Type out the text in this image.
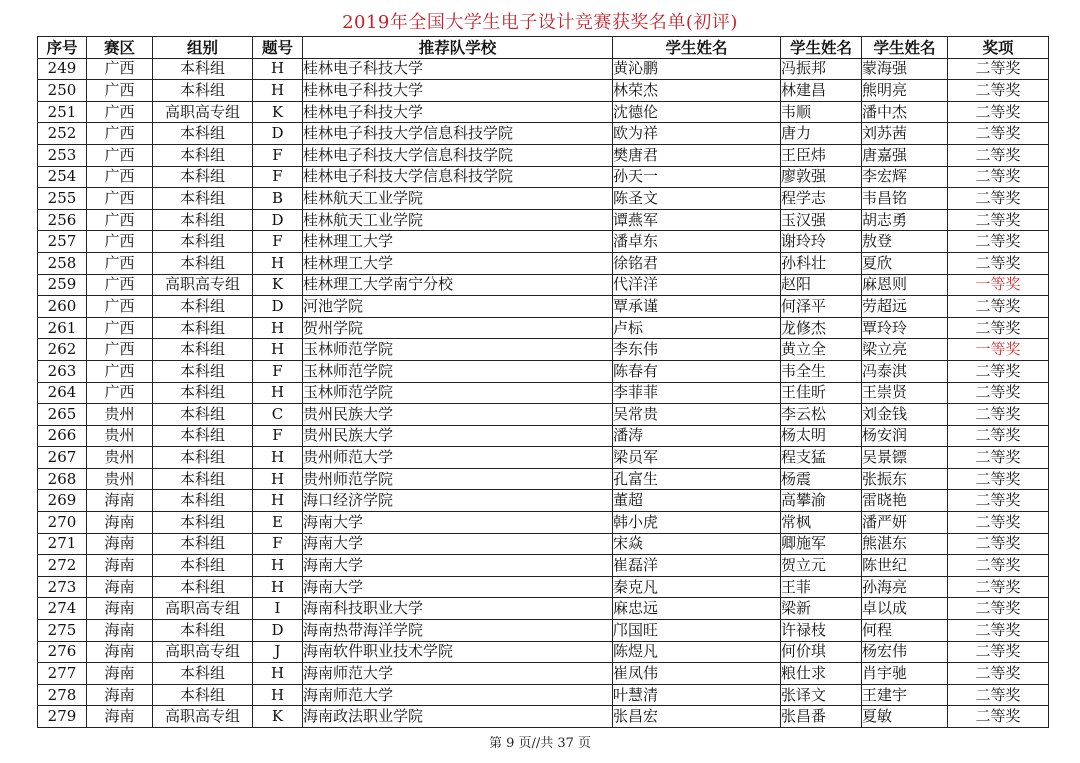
2019年全国大学生电子设计竞赛获奖名单(初评)
序号	赛区	组别	题号	推荐队学校	学生姓名	学生姓名	学生姓名	奖项
249	广西	本科组	H	桂林电子科技大学	黄沁鹏	冯振邦	蒙海强	二等奖
250	广西	本科组	H	桂林电子科技大学	林荣杰	林建昌	熊明亮	二等奖
251	广西	高职高专组	K	桂林电子科技大学	沈德伦	韦顺	潘中杰	二等奖
252	广西	本科组	D	桂林电子科技大学信息科技学院	欧为祥	唐力	刘苏茜	二等奖
253	广西	本科组	F	桂林电子科技大学信息科技学院	樊唐君	王臣炜	唐嘉强	二等奖
254	广西	本科组	F	桂林电子科技大学信息科技学院	孙天一	廖敦强	李宏辉	二等奖
255	广西	本科组	B	桂林航天工业学院	陈圣文	程学志	韦昌铭	二等奖
256	广西	本科组	D	桂林航天工业学院	谭燕军	玉汉强	胡志勇	二等奖
257	广西	本科组	F	桂林理工大学	潘卓东	谢玲玲	敖登	二等奖
258	广西	本科组	H	桂林理工大学	徐铭君	孙科壮	夏欣	二等奖
259	广西	高职高专组	K	桂林理工大学南宁分校	代洋洋	赵阳	麻恩则	一等奖
260	广西	本科组	D	河池学院	覃承谨	何泽平	劳超远	二等奖
261	广西	本科组	H	贺州学院	卢标	龙修杰	覃玲玲	二等奖
262	广西	本科组	H	玉林师范学院	李东伟	黄立全	梁立亮	一等奖
263	广西	本科组	F	玉林师范学院	陈春有	韦全生	冯泰淇	二等奖
264	广西	本科组	H	玉林师范学院	李菲菲	王佳昕	王崇贤	二等奖
265	贵州	本科组	C	贵州民族大学	吴常贵	李云松	刘金钱	二等奖
266	贵州	本科组	F	贵州民族大学	潘涛	杨太明	杨安润	二等奖
267	贵州	本科组	H	贵州师范大学	梁员军	程支猛	吴景镖	二等奖
268	贵州	本科组	H	贵州师范学院	孔富生	杨震	张振东	二等奖
269	海南	本科组	H	海口经济学院	董超	高攀渝	雷晓艳	二等奖
270	海南	本科组	E	海南大学	韩小虎	常枫	潘严妍	二等奖
271	海南	本科组	F	海南大学	宋焱	卿施军	熊湛东	二等奖
272	海南	本科组	H	海南大学	崔磊洋	贺立元	陈世纪	二等奖
273	海南	本科组	H	海南大学	秦克凡	王菲	孙海亮	二等奖
274	海南	高职高专组	I	海南科技职业大学	麻忠远	梁新	卓以成	二等奖
275	海南	本科组	D	海南热带海洋学院	邝国旺	许禄枝	何程	二等奖
276	海南	高职高专组	J	海南软件职业技术学院	陈煜凡	何价琪	杨宏伟	二等奖
277	海南	本科组	H	海南师范大学	崔凤伟	粮仕求	肖宇驰	二等奖
278	海南	本科组	H	海南师范大学	叶慧清	张译文	王建宇	二等奖
279	海南	高职高专组	K	海南政法职业学院	张昌宏	张昌番	夏敏	二等奖
第 9 页//共 37 页
